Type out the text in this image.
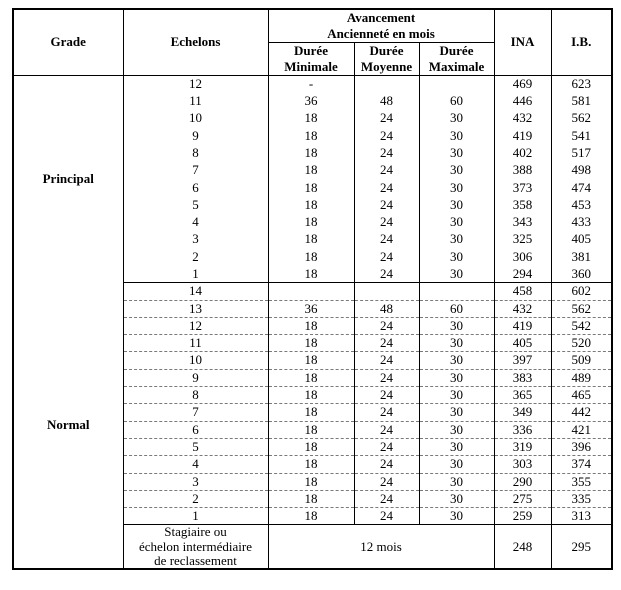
Grade	Echelons	Avancement
Ancienneté en mois			INA	I.B.
		Durée Minimale	Durée Moyenne	Durée Maximale		
Principal	12	-			469	623
	11	36	48	60	446	581
	10	18	24	30	432	562
	9	18	24	30	419	541
	8	18	24	30	402	517
	7	18	24	30	388	498
	6	18	24	30	373	474
	5	18	24	30	358	453
	4	18	24	30	343	433
	3	18	24	30	325	405
	2	18	24	30	306	381
	1	18	24	30	294	360
Normal	14				458	602
	13	36	48	60	432	562
	12	18	24	30	419	542
	11	18	24	30	405	520
	10	18	24	30	397	509
	9	18	24	30	383	489
	8	18	24	30	365	465
	7	18	24	30	349	442
	6	18	24	30	336	421
	5	18	24	30	319	396
	4	18	24	30	303	374
	3	18	24	30	290	355
	2	18	24	30	275	335
	1	18	24	30	259	313

	Stagiaire ou
échelon intermédiaire
de reclassement	12 mois			248	295
